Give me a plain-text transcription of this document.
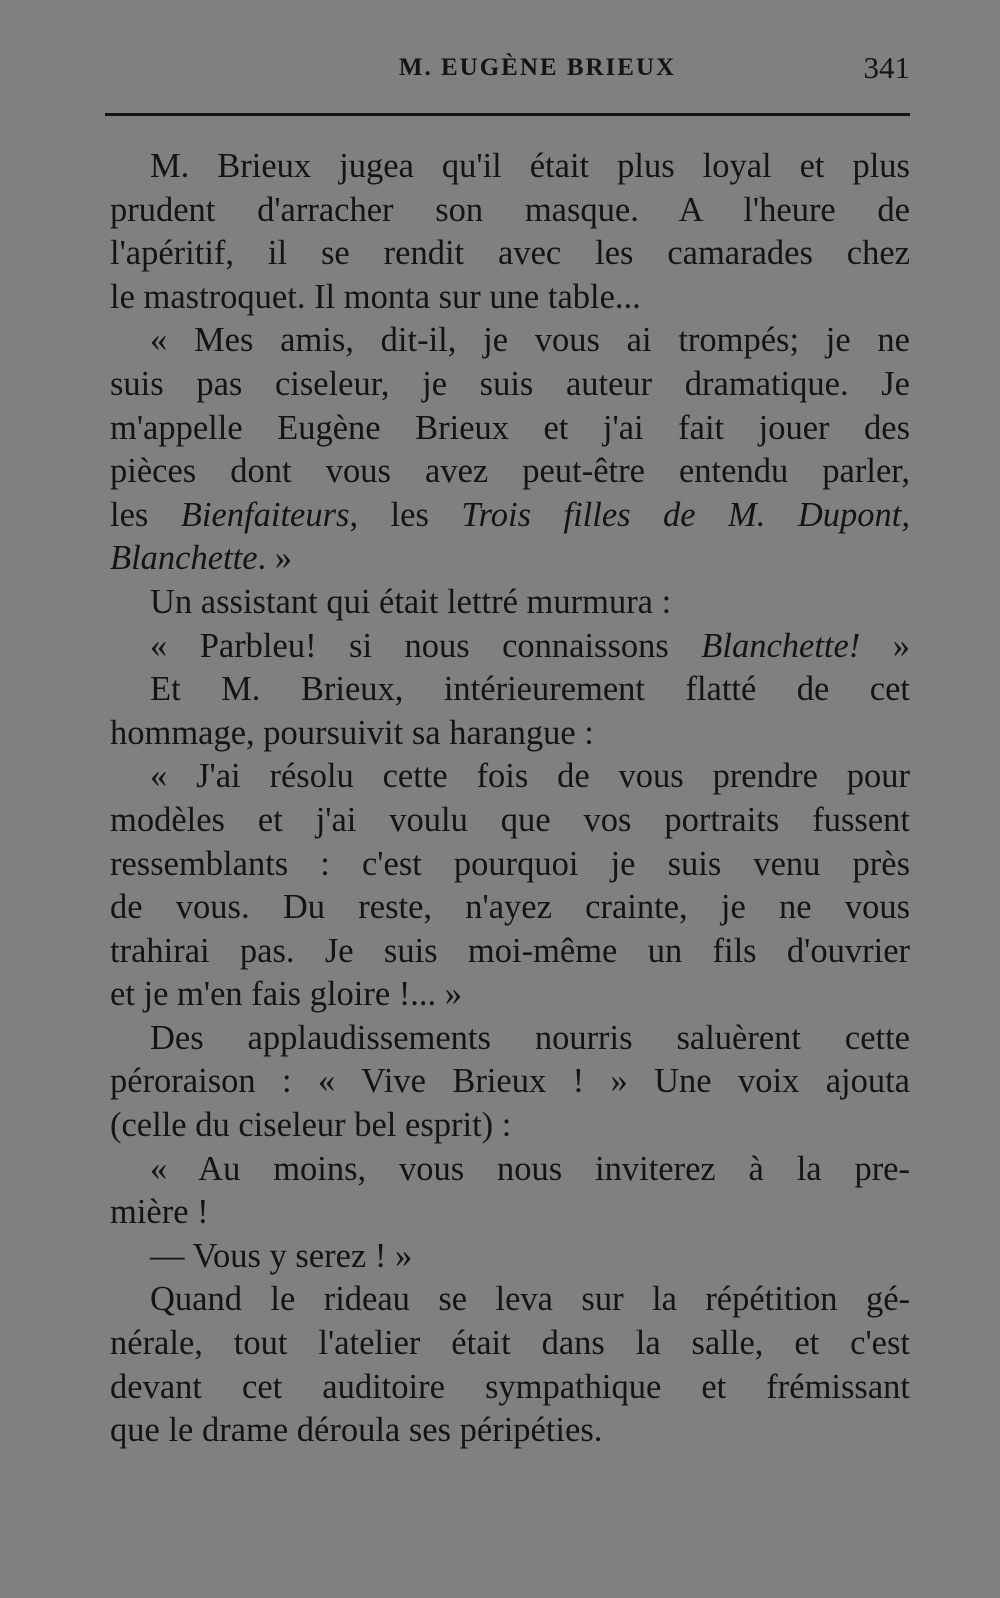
M. EUGÈNE BRIEUX	341
M. Brieux jugea qu'il était plus loyal et plus
prudent d'arracher son masque. A l'heure de
l'apéritif, il se rendit avec les camarades chez
le mastroquet. Il monta sur une table...
« Mes amis, dit-il, je vous ai trompés; je ne
suis pas ciseleur, je suis auteur dramatique. Je
m'appelle Eugène Brieux et j'ai fait jouer des
pièces dont vous avez peut-être entendu parler,
les Bienfaiteurs, les Trois filles de M. Dupont,
Blanchette. »
Un assistant qui était lettré murmura :
« Parbleu! si nous connaissons Blanchette! »
Et M. Brieux, intérieurement flatté de cet
hommage, poursuivit sa harangue :
« J'ai résolu cette fois de vous prendre pour
modèles et j'ai voulu que vos portraits fussent
ressemblants : c'est pourquoi je suis venu près
de vous. Du reste, n'ayez crainte, je ne vous
trahirai pas. Je suis moi-même un fils d'ouvrier
et je m'en fais gloire !... »
Des applaudissements nourris saluèrent cette
péroraison : « Vive Brieux ! » Une voix ajouta
(celle du ciseleur bel esprit) :
« Au moins, vous nous inviterez à la pre-
mière !
— Vous y serez ! »
Quand le rideau se leva sur la répétition gé-
nérale, tout l'atelier était dans la salle, et c'est
devant cet auditoire sympathique et frémissant
que le drame déroula ses péripéties.
